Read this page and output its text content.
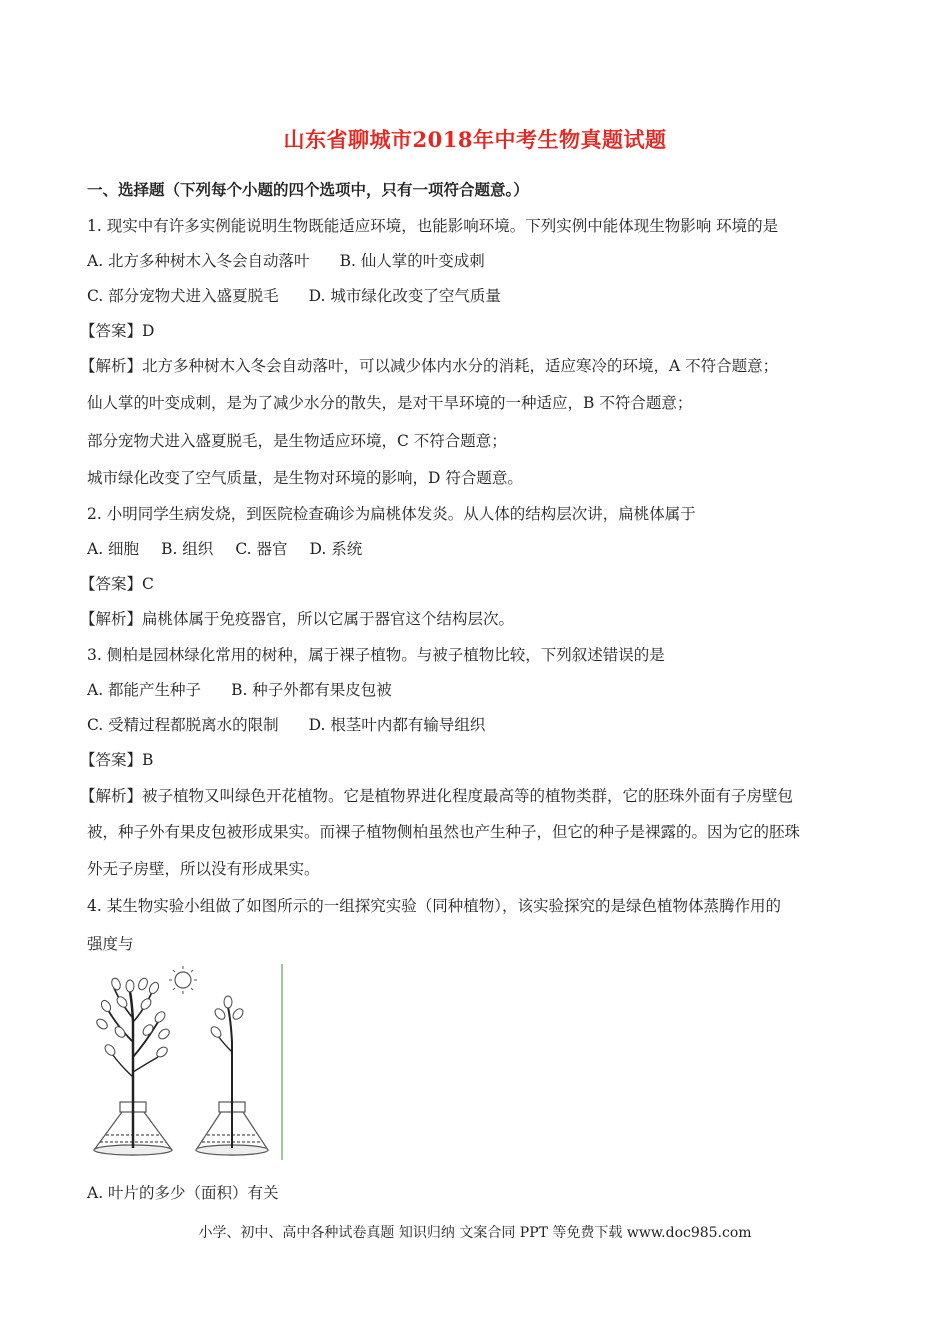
山东省聊城市2018年中考生物真题试题
一、选择题（下列每个小题的四个选项中，只有一项符合题意。）
1. 现实中有许多实例能说明生物既能适应环境，也能影响环境。下列实例中能体现生物影响 环境的是
A. 北方多种树木入冬会自动落叶 B. 仙人掌的叶变成刺
C. 部分宠物犬进入盛夏脱毛 D. 城市绿化改变了空气质量
【答案】D
【解析】北方多种树木入冬会自动落叶，可以减少体内水分的消耗，适应寒冷的环境，A 不符合题意；
仙人掌的叶变成刺，是为了减少水分的散失，是对干旱环境的一种适应，B 不符合题意；
部分宠物犬进入盛夏脱毛，是生物适应环境，C 不符合题意；
城市绿化改变了空气质量，是生物对环境的影响，D 符合题意。
2. 小明同学生病发烧，到医院检查确诊为扁桃体发炎。从人体的结构层次讲，扁桃体属于
A. 细胞 B. 组织 C. 器官 D. 系统
【答案】C
【解析】扁桃体属于免疫器官，所以它属于器官这个结构层次。
3. 侧柏是园林绿化常用的树种，属于裸子植物。与被子植物比较，下列叙述错误的是
A. 都能产生种子 B. 种子外都有果皮包被
C. 受精过程都脱离水的限制 D. 根茎叶内都有输导组织
【答案】B
【解析】被子植物又叫绿色开花植物。它是植物界进化程度最高等的植物类群，它的胚珠外面有子房壁包
被，种子外有果皮包被形成果实。而裸子植物侧柏虽然也产生种子，但它的种子是裸露的。因为它的胚珠
外无子房壁，所以没有形成果实。
4. 某生物实验小组做了如图所示的一组探究实验（同种植物），该实验探究的是绿色植物体蒸腾作用的
强度与
A. 叶片的多少（面积）有关
小学、初中、高中各种试卷真题 知识归纳 文案合同 PPT 等免费下载 www.doc985.com
